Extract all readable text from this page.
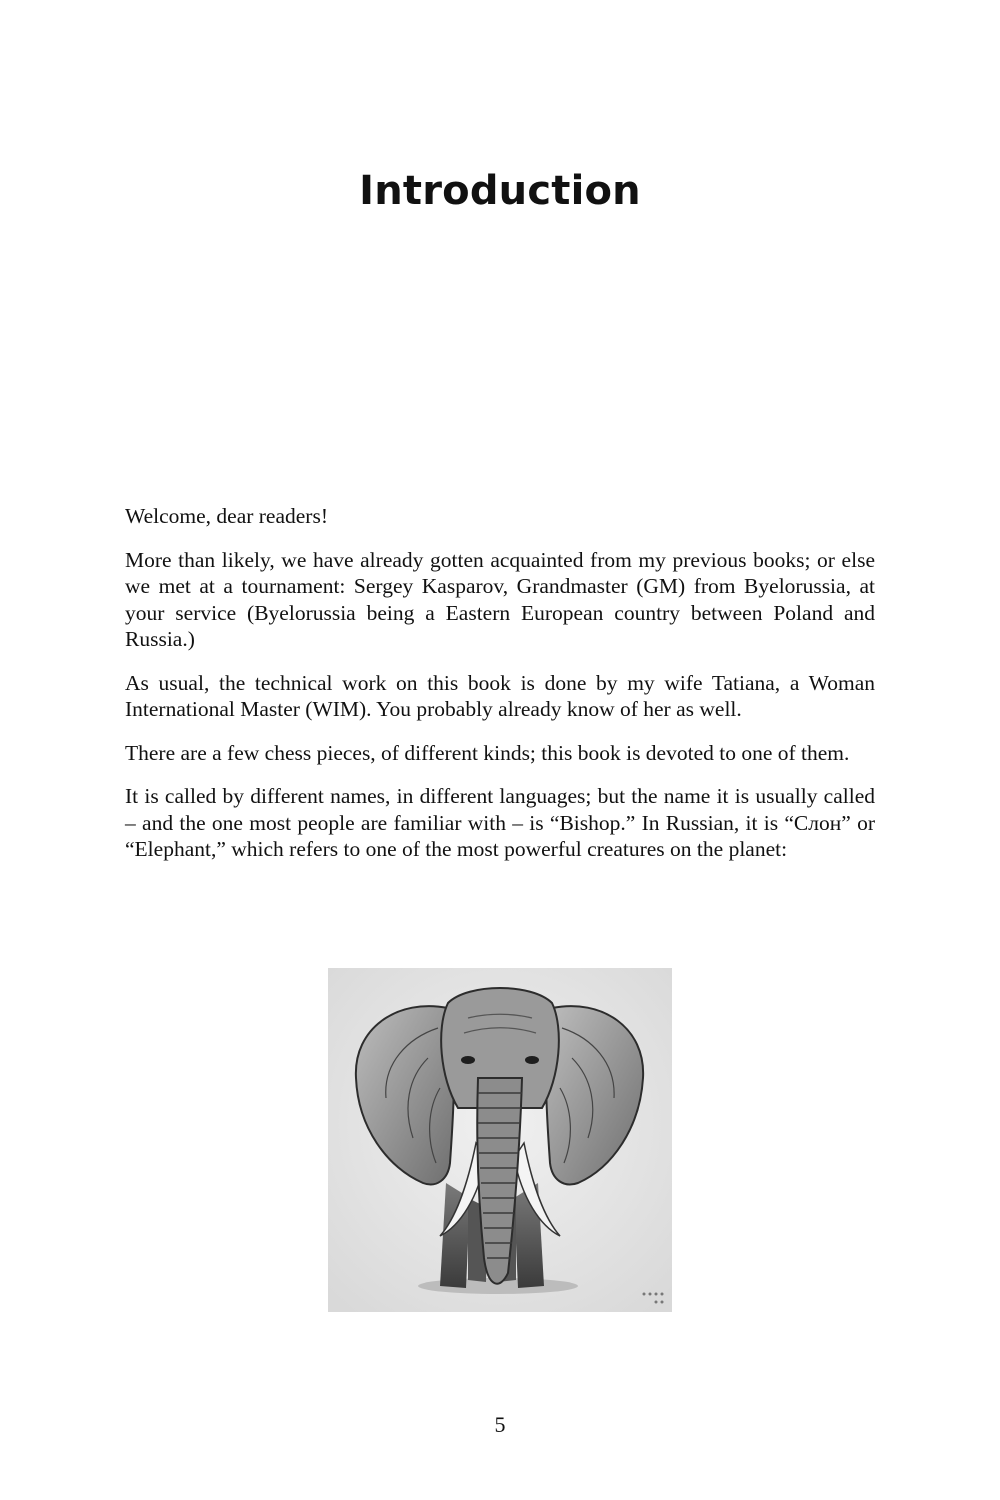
Introduction

Welcome, dear readers!

More than likely, we have already gotten acquainted from my previous books; or else we met at a tournament: Sergey Kasparov, Grandmaster (GM) from Byelorussia, at your service (Byelorussia being a Eastern European country between Poland and Russia.)

As usual, the technical work on this book is done by my wife Tatiana, a Woman International Master (WIM). You probably already know of her as well.

There are a few chess pieces, of different kinds; this book is devoted to one of them.

It is called by different names, in different languages; but the name it is usually called – and the one most people are familiar with – is “Bishop.” In Russian, it is “Слон” or “Elephant,” which refers to one of the most powerful creatures on the planet:

5
